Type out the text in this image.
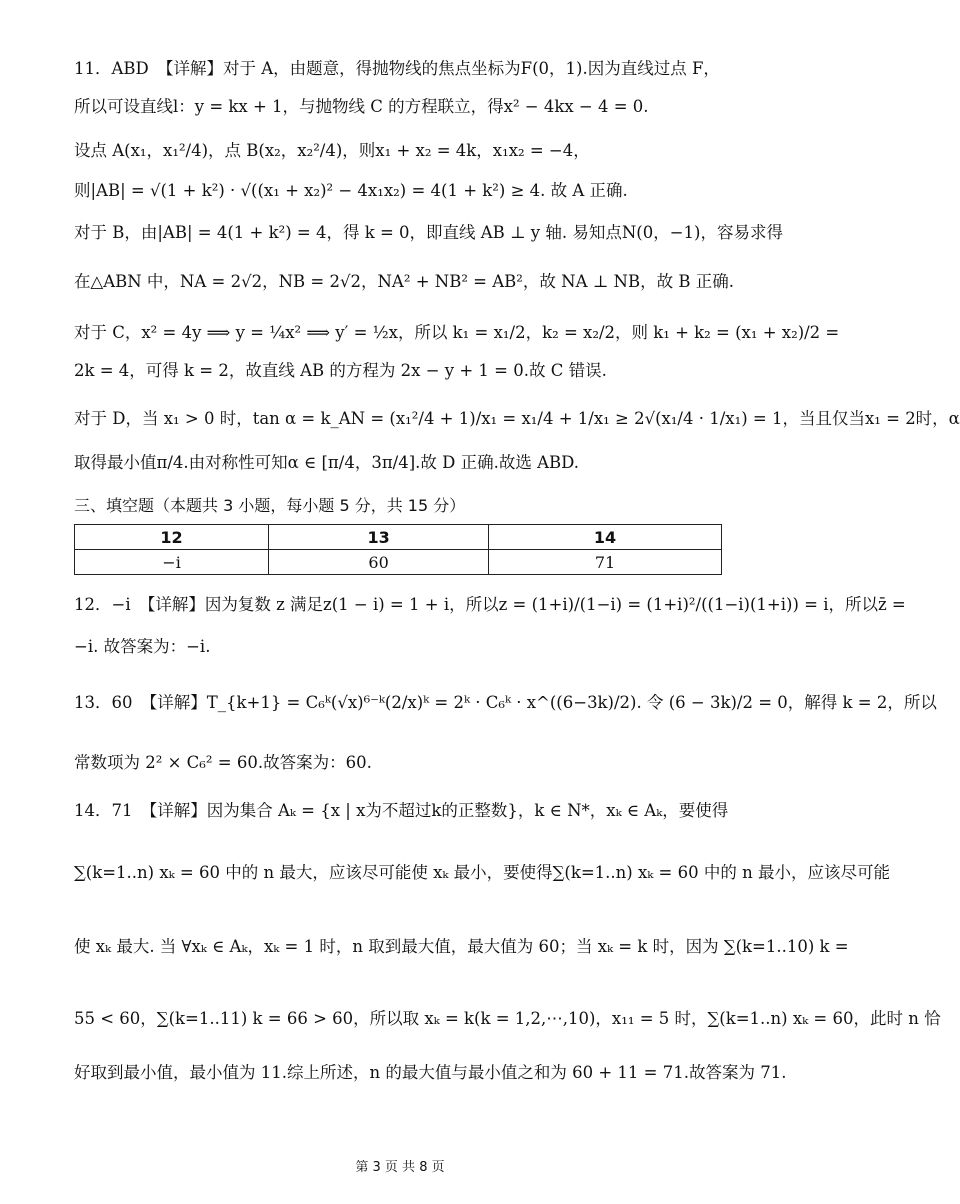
11．ABD　【详解】对于 A，由题意，得抛物线的焦点坐标为F(0，1).因为直线过点 F，
所以可设直线l：y = kx + 1，与抛物线 C 的方程联立，得x² − 4kx − 4 = 0.
设点 A(x₁，x₁²/4)，点 B(x₂，x₂²/4)，则x₁ + x₂ = 4k，x₁x₂ = −4，
则|AB| = √(1 + k²) · √((x₁ + x₂)² − 4x₁x₂) = 4(1 + k²) ≥ 4. 故 A 正确.
对于 B，由|AB| = 4(1 + k²) = 4，得 k = 0，即直线 AB ⊥ y 轴. 易知点N(0，−1)，容易求得
在△ABN 中，NA = 2√2，NB = 2√2，NA² + NB² = AB²，故 NA ⊥ NB，故 B 正确.
对于 C，x² = 4y ⟹ y = ¼x² ⟹ y′ = ½x，所以 k₁ = x₁/2，k₂ = x₂/2，则 k₁ + k₂ = (x₁ + x₂)/2 =
2k = 4，可得 k = 2，故直线 AB 的方程为 2x − y + 1 = 0.故 C 错误.
对于 D，当 x₁ > 0 时，tan α = k_AN = (x₁²/4 + 1)/x₁ = x₁/4 + 1/x₁ ≥ 2√(x₁/4 · 1/x₁) = 1，当且仅当x₁ = 2时，α
取得最小值π/4.由对称性可知α ∈ [π/4，3π/4].故 D 正确.故选 ABD.
三、填空题（本题共 3 小题，每小题 5 分，共 15 分）
12	13	14
−i	60	71
12．−i　【详解】因为复数 z 满足z(1 − i) = 1 + i，所以z = (1+i)/(1−i) = (1+i)²/((1−i)(1+i)) = i，所以z̄ =
−i. 故答案为：−i.
13．60　【详解】T_{k+1} = C₆ᵏ(√x)⁶⁻ᵏ(2/x)ᵏ = 2ᵏ · C₆ᵏ · x^((6−3k)/2). 令 (6 − 3k)/2 = 0，解得 k = 2，所以
常数项为 2² × C₆² = 60.故答案为：60.
14．71　【详解】因为集合 Aₖ = {x | x为不超过k的正整数}，k ∈ N*，xₖ ∈ Aₖ，要使得
∑(k=1..n) xₖ = 60 中的 n 最大，应该尽可能使 xₖ 最小，要使得∑(k=1..n) xₖ = 60 中的 n 最小，应该尽可能
使 xₖ 最大. 当 ∀xₖ ∈ Aₖ，xₖ = 1 时，n 取到最大值，最大值为 60；当 xₖ = k 时，因为 ∑(k=1..10) k =
55 < 60，∑(k=1..11) k = 66 > 60，所以取 xₖ = k(k = 1,2,⋯,10)，x₁₁ = 5 时，∑(k=1..n) xₖ = 60，此时 n 恰
好取到最小值，最小值为 11.综上所述，n 的最大值与最小值之和为 60 + 11 = 71.故答案为 71.
第 3 页 共 8 页
